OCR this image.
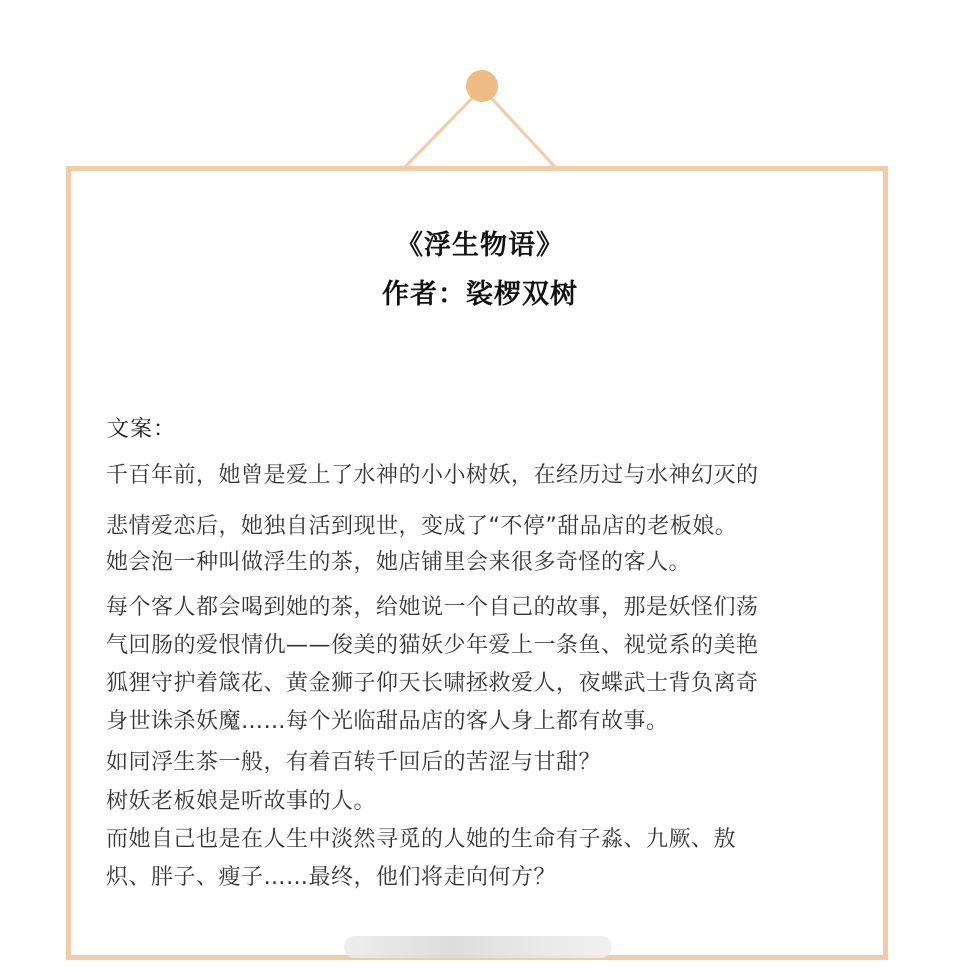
《浮生物语》
作者：裟椤双树
文案：
千百年前，她曾是爱上了水神的小小树妖，在经历过与水神幻灭的
悲情爱恋后，她独自活到现世，变成了“不停”甜品店的老板娘。
她会泡一种叫做浮生的茶，她店铺里会来很多奇怪的客人。
每个客人都会喝到她的茶，给她说一个自己的故事，那是妖怪们荡
气回肠的爱恨情仇——俊美的猫妖少年爱上一条鱼、视觉系的美艳
狐狸守护着箴花、黄金狮子仰天长啸拯救爱人，夜蝶武士背负离奇
身世诛杀妖魔……每个光临甜品店的客人身上都有故事。
如同浮生茶一般，有着百转千回后的苦涩与甘甜？
树妖老板娘是听故事的人。
而她自己也是在人生中淡然寻觅的人她的生命有子淼、九厥、敖
炽、胖子、瘦子……最终，他们将走向何方？
